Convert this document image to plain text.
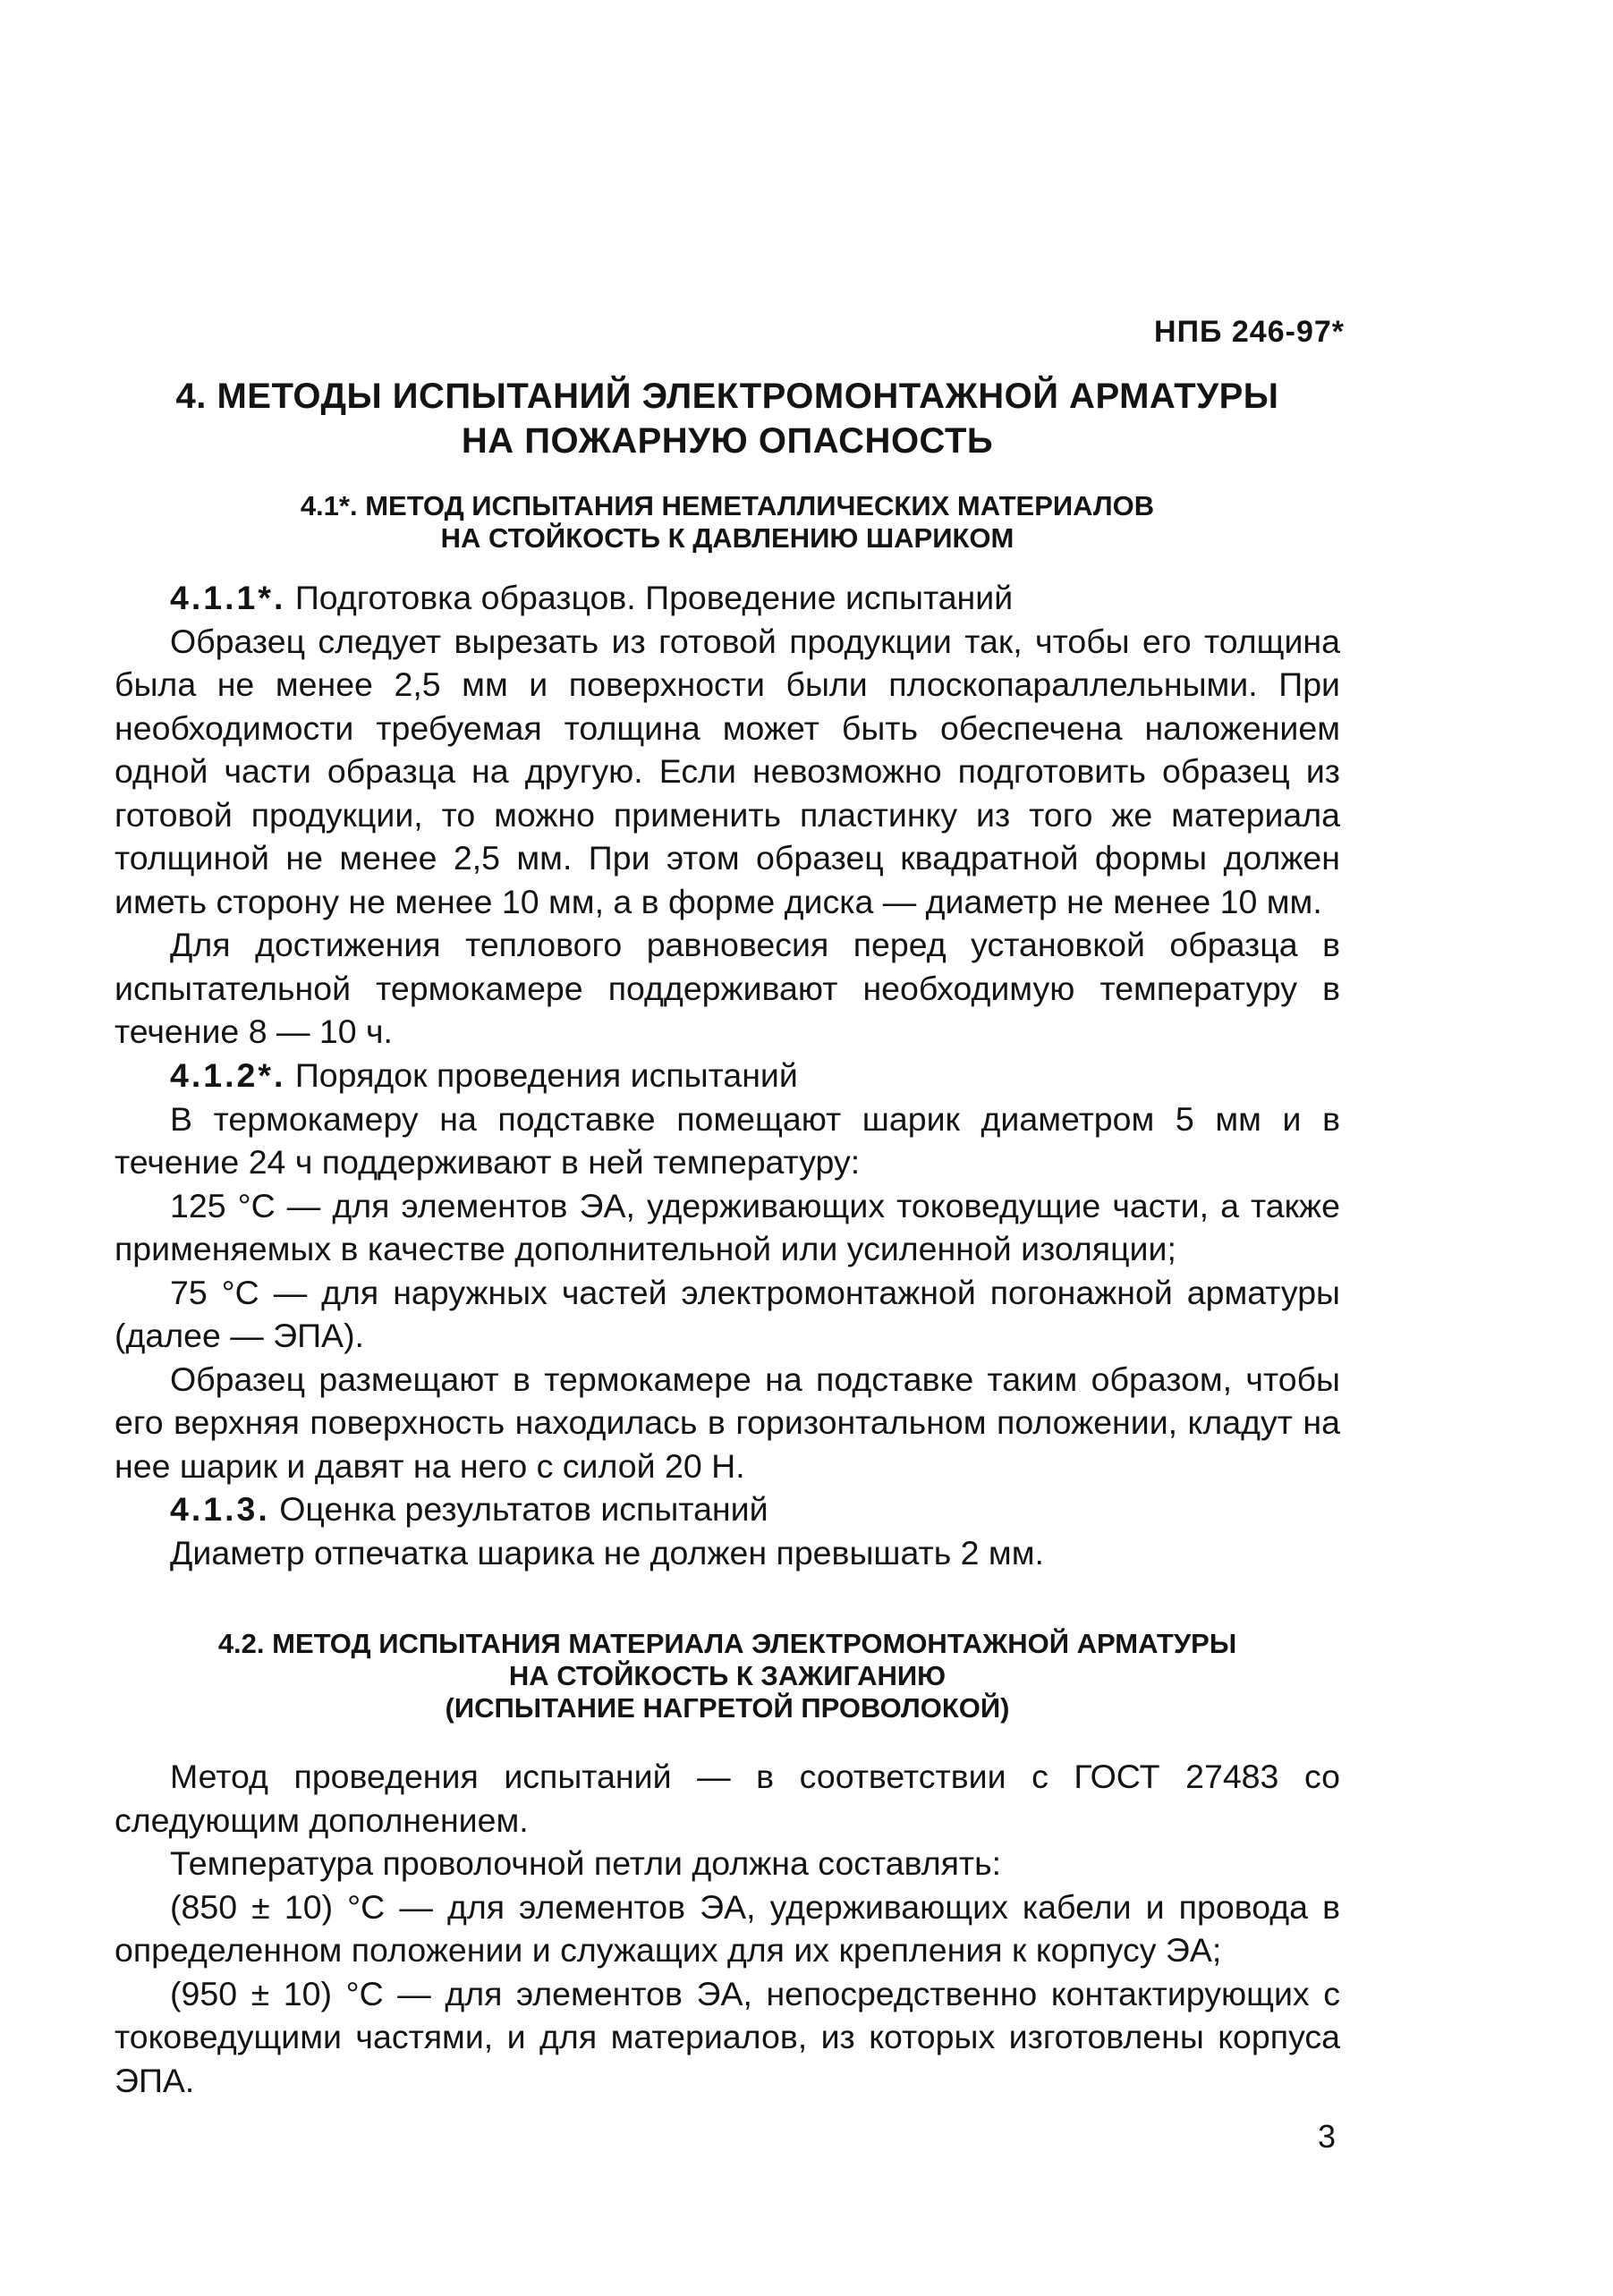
НПБ 246-97*

4. МЕТОДЫ ИСПЫТАНИЙ ЭЛЕКТРОМОНТАЖНОЙ АРМАТУРЫ

НА ПОЖАРНУЮ ОПАСНОСТЬ

4.1*. МЕТОД ИСПЫТАНИЯ НЕМЕТАЛЛИЧЕСКИХ МАТЕРИАЛОВ

НА СТОЙКОСТЬ К ДАВЛЕНИЮ ШАРИКОМ

4.1.1*. Подготовка образцов. Проведение испытаний

Образец следует вырезать из готовой продукции так, чтобы его толщина была не менее 2,5 мм и поверхности были плоскопараллельными. При необходимости требуемая толщина может быть обеспечена наложением одной части образца на другую. Если невозможно подготовить образец из готовой продукции, то можно применить пластинку из того же материала толщиной не менее 2,5 мм. При этом образец квадратной формы должен иметь сторону не менее 10 мм, а в форме диска — диаметр не менее 10 мм.

Для достижения теплового равновесия перед установкой образца в испытательной термокамере поддерживают необходимую температуру в течение 8 — 10 ч.

4.1.2*. Порядок проведения испытаний

В термокамеру на подставке помещают шарик диаметром 5 мм и в течение 24 ч поддерживают в ней температуру:

125 °С — для элементов ЭА, удерживающих токоведущие части, а также применяемых в качестве дополнительной или усиленной изоляции;

75 °С — для наружных частей электромонтажной погонажной арматуры (далее — ЭПА).

Образец размещают в термокамере на подставке таким образом, чтобы его верхняя поверхность находилась в горизонтальном положении, кладут на нее шарик и давят на него с силой 20 Н.

4.1.3. Оценка результатов испытаний

Диаметр отпечатка шарика не должен превышать 2 мм.

4.2. МЕТОД ИСПЫТАНИЯ МАТЕРИАЛА ЭЛЕКТРОМОНТАЖНОЙ АРМАТУРЫ

НА СТОЙКОСТЬ К ЗАЖИГАНИЮ

(ИСПЫТАНИЕ НАГРЕТОЙ ПРОВОЛОКОЙ)

Метод проведения испытаний — в соответствии с ГОСТ 27483 со следующим дополнением.

Температура проволочной петли должна составлять:

(850 ± 10) °С — для элементов ЭА, удерживающих кабели и провода в определенном положении и служащих для их крепления к корпусу ЭА;

(950 ± 10) °С — для элементов ЭА, непосредственно контактирующих с токоведущими частями, и для материалов, из которых изготовлены корпуса ЭПА.

3
